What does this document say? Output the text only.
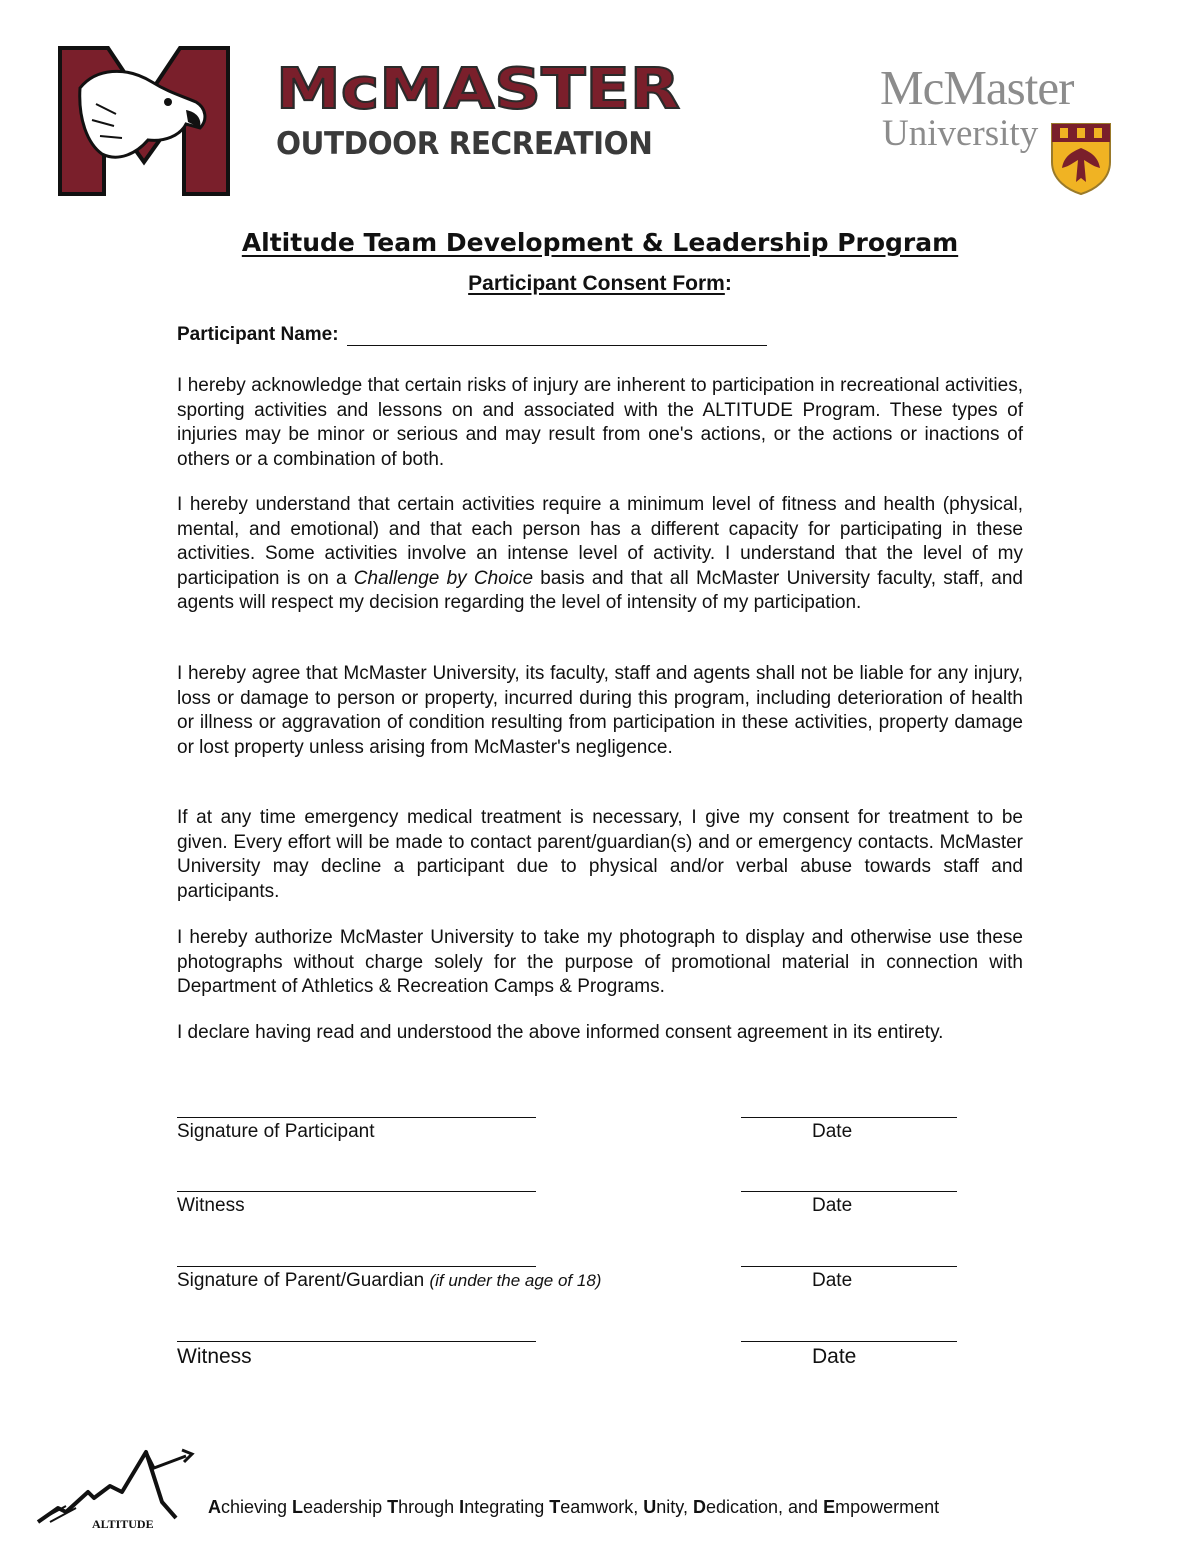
McMASTER
OUTDOOR RECREATION
McMaster
University
Altitude Team Development & Leadership Program
Participant Consent Form:
Participant Name:

I hereby acknowledge that certain risks of injury are inherent to participation in recreational activities, sporting activities and lessons on and associated with the ALTITUDE Program. These types of injuries may be minor or serious and may result from one's actions, or the actions or inactions of others or a combination of both.

I hereby understand that certain activities require a minimum level of fitness and health (physical, mental, and emotional) and that each person has a different capacity for participating in these activities. Some activities involve an intense level of activity. I understand that the level of my participation is on a Challenge by Choice basis and that all McMaster University faculty, staff, and agents will respect my decision regarding the level of intensity of my participation.

I hereby agree that McMaster University, its faculty, staff and agents shall not be liable for any injury, loss or damage to person or property, incurred during this program, including deterioration of health or illness or aggravation of condition resulting from participation in these activities, property damage or lost property unless arising from McMaster's negligence.

If at any time emergency medical treatment is necessary, I give my consent for treatment to be given. Every effort will be made to contact parent/guardian(s) and or emergency contacts. McMaster University may decline a participant due to physical and/or verbal abuse towards staff and participants.

I hereby authorize McMaster University to take my photograph to display and otherwise use these photographs without charge solely for the purpose of promotional material in connection with Department of Athletics & Recreation Camps & Programs.

I declare having read and understood the above informed consent agreement in its entirety.

Signature of Participant	Date
Witness	Date
Signature of Parent/Guardian (if under the age of 18)	Date
Witness	Date
ALTITUDE
Achieving Leadership Through Integrating Teamwork, Unity, Dedication, and Empowerment
